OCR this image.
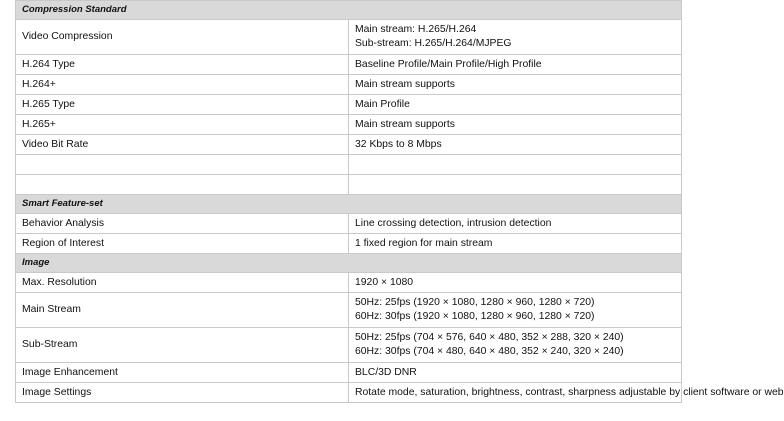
Compression Standard	
Video Compression	Main stream: H.265/H.264
Sub-stream: H.265/H.264/MJPEG

H.264 Type	Baseline Profile/Main Profile/High Profile
H.264+	Main stream supports
H.265 Type	Main Profile
H.265+	Main stream supports
Video Bit Rate	32 Kbps to 8 Mbps

Smart Feature-set	
Behavior Analysis	Line crossing detection, intrusion detection
Region of Interest	1 fixed region for main stream
Image	
Max. Resolution	1920 × 1080
Main Stream	50Hz: 25fps (1920 × 1080, 1280 × 960, 1280 × 720)
60Hz: 30fps (1920 × 1080, 1280 × 960, 1280 × 720)

Sub-Stream	50Hz: 25fps (704 × 576, 640 × 480, 352 × 288, 320 × 240)
60Hz: 30fps (704 × 480, 640 × 480, 352 × 240, 320 × 240)

Image Enhancement	BLC/3D DNR
Image Settings	Rotate mode, saturation, brightness, contrast, sharpness adjustable by client software or web
